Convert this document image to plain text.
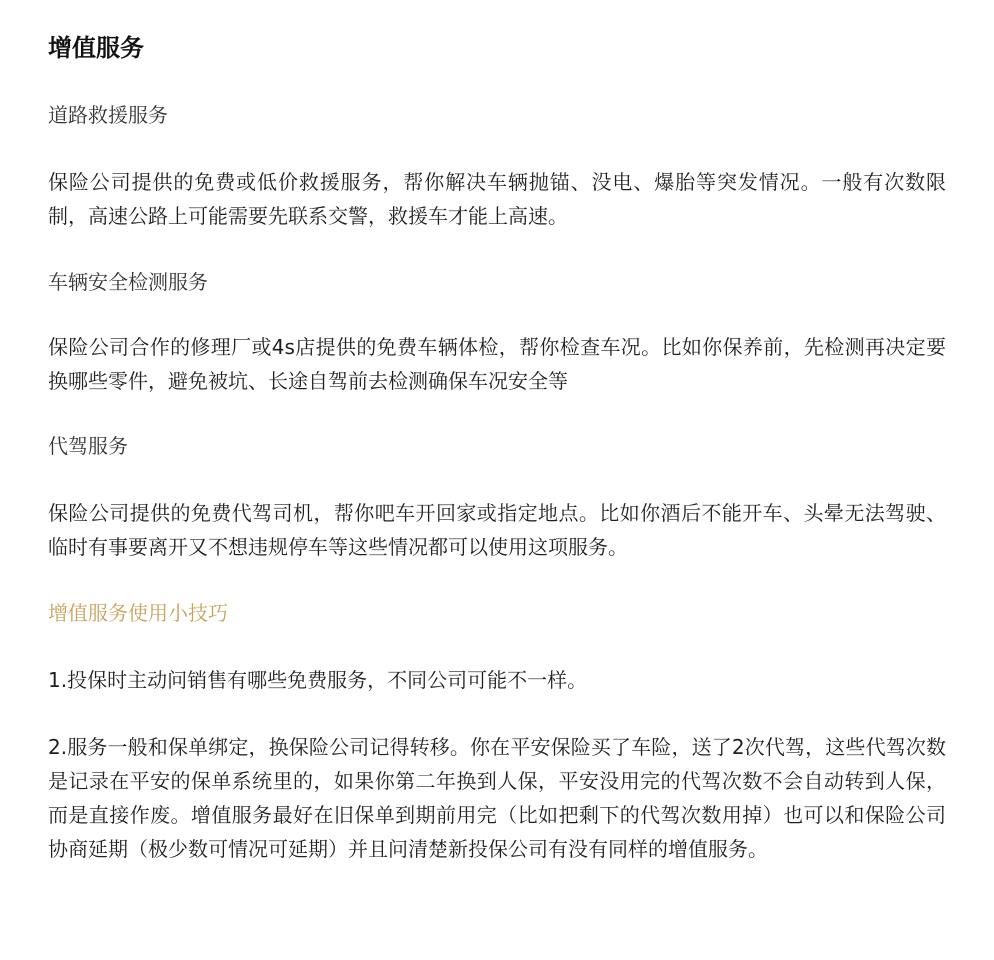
增值服务

道路救援服务

保险公司提供的免费或低价救援服务，帮你解决车辆抛锚、没电、爆胎等突发情况。一般有次数限制，高速公路上可能需要先联系交警，救援车才能上高速。

车辆安全检测服务

保险公司合作的修理厂或4s店提供的免费车辆体检，帮你检查车况。比如你保养前，先检测再决定要换哪些零件，避免被坑、长途自驾前去检测确保车况安全等

代驾服务

保险公司提供的免费代驾司机，帮你吧车开回家或指定地点。比如你酒后不能开车、头晕无法驾驶、临时有事要离开又不想违规停车等这些情况都可以使用这项服务。

增值服务使用小技巧

1.投保时主动问销售有哪些免费服务，不同公司可能不一样。

2.服务一般和保单绑定，换保险公司记得转移。你在平安保险买了车险，送了2次代驾，这些代驾次数是记录在平安的保单系统里的，如果你第二年换到人保，平安没用完的代驾次数不会自动转到人保，而是直接作废。增值服务最好在旧保单到期前用完（比如把剩下的代驾次数用掉）也可以和保险公司协商延期（极少数可情况可延期）并且问清楚新投保公司有没有同样的增值服务。
